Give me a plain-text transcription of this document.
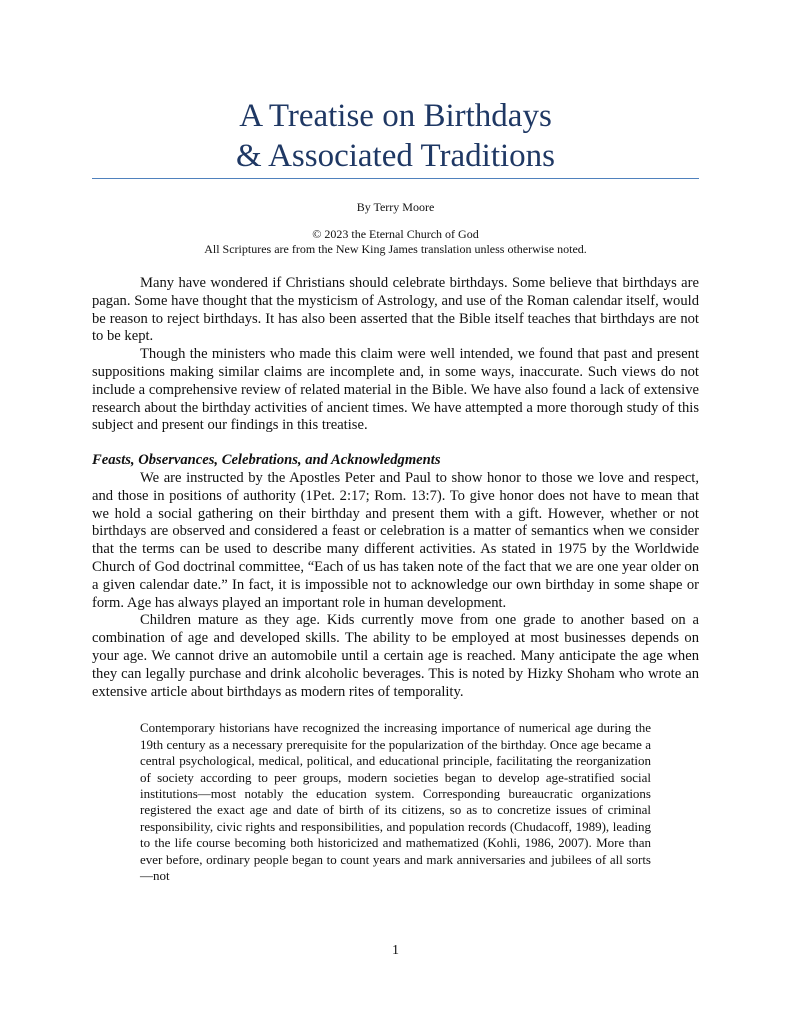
A Treatise on Birthdays
& Associated Traditions
By Terry Moore
© 2023 the Eternal Church of God
All Scriptures are from the New King James translation unless otherwise noted.

Many have wondered if Christians should celebrate birthdays. Some believe that birthdays are pagan. Some have thought that the mysticism of Astrology, and use of the Roman calendar itself, would be reason to reject birthdays. It has also been asserted that the Bible itself teaches that birthdays are not to be kept.

Though the ministers who made this claim were well intended, we found that past and present suppositions making similar claims are incomplete and, in some ways, inaccurate. Such views do not include a comprehensive review of related material in the Bible. We have also found a lack of extensive research about the birthday activities of ancient times. We have attempted a more thorough study of this subject and present our findings in this treatise.

Feasts, Observances, Celebrations, and Acknowledgments

We are instructed by the Apostles Peter and Paul to show honor to those we love and respect, and those in positions of authority (1Pet. 2:17; Rom. 13:7). To give honor does not have to mean that we hold a social gathering on their birthday and present them with a gift. However, whether or not birthdays are observed and considered a feast or celebration is a matter of semantics when we consider that the terms can be used to describe many different activities. As stated in 1975 by the Worldwide Church of God doctrinal committee, “Each of us has taken note of the fact that we are one year older on a given calendar date.” In fact, it is impossible not to acknowledge our own birthday in some shape or form. Age has always played an important role in human development.

Children mature as they age. Kids currently move from one grade to another based on a combination of age and developed skills. The ability to be employed at most businesses depends on your age. We cannot drive an automobile until a certain age is reached. Many anticipate the age when they can legally purchase and drink alcoholic beverages. This is noted by Hizky Shoham who wrote an extensive article about birthdays as modern rites of temporality.

Contemporary historians have recognized the increasing importance of numerical age during the 19th century as a necessary prerequisite for the popularization of the birthday. Once age became a central psychological, medical, political, and educational principle, facilitating the reorganization of society according to peer groups, modern societies began to develop age-stratified social institutions—most notably the education system. Corresponding bureaucratic organizations registered the exact age and date of birth of its citizens, so as to concretize issues of criminal responsibility, civic rights and responsibilities, and population records (Chudacoff, 1989), leading to the life course becoming both historicized and mathematized (Kohli, 1986, 2007). More than ever before, ordinary people began to count years and mark anniversaries and jubilees of all sorts—not
1
